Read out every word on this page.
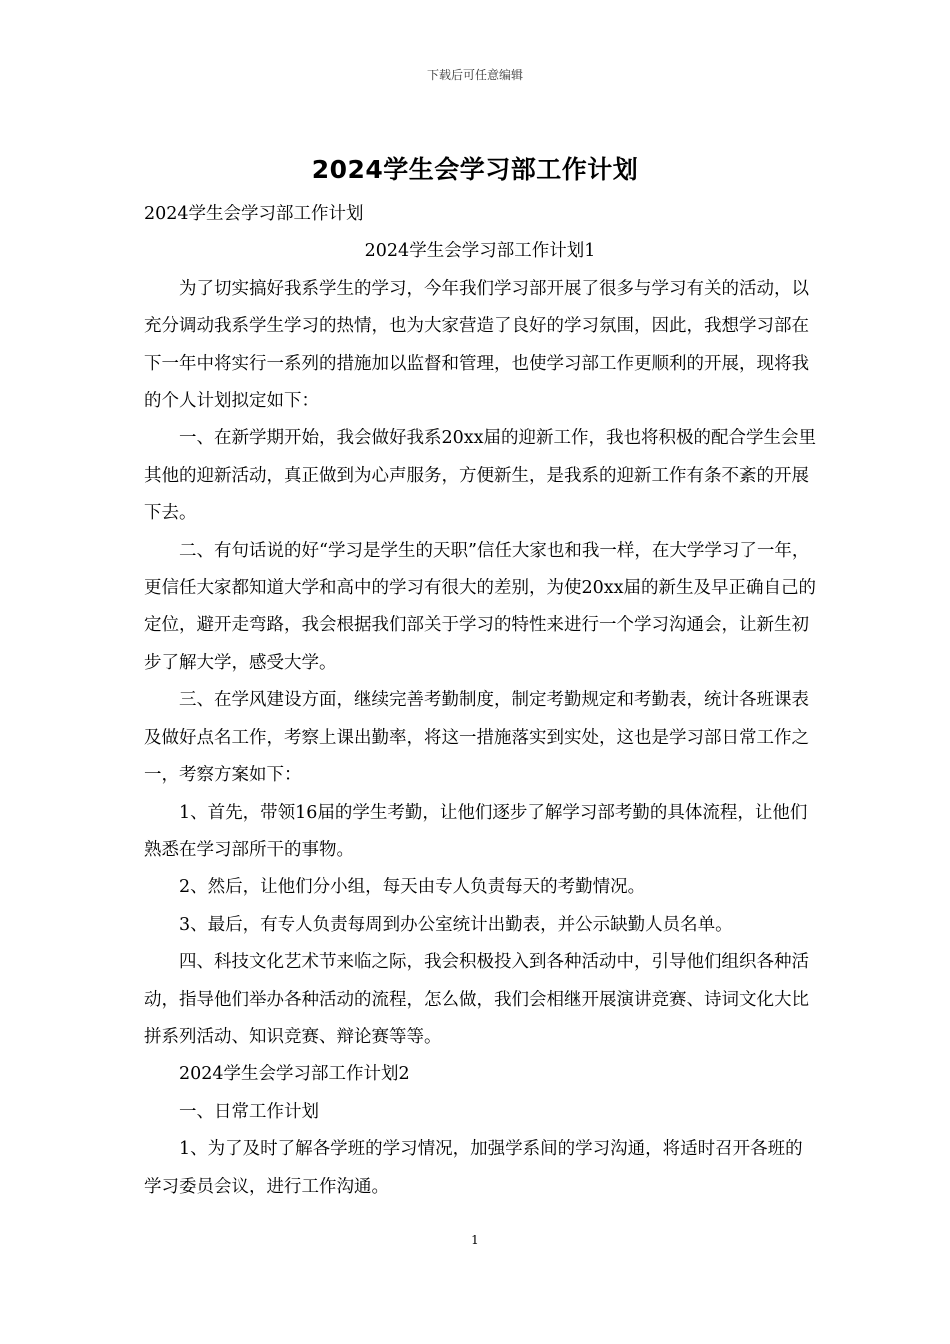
下载后可任意编辑
2024学生会学习部工作计划

2024学生会学习部工作计划

2024学生会学习部工作计划1

为了切实搞好我系学生的学习，今年我们学习部开展了很多与学习有关的活动，以充分调动我系学生学习的热情，也为大家营造了良好的学习氛围，因此，我想学习部在下一年中将实行一系列的措施加以监督和管理，也使学习部工作更顺利的开展，现将我的个人计划拟定如下：

一、在新学期开始，我会做好我系20xx届的迎新工作，我也将积极的配合学生会里其他的迎新活动，真正做到为心声服务，方便新生，是我系的迎新工作有条不紊的开展下去。

二、有句话说的好“学习是学生的天职”信任大家也和我一样，在大学学习了一年，更信任大家都知道大学和高中的学习有很大的差别，为使20xx届的新生及早正确自己的定位，避开走弯路，我会根据我们部关于学习的特性来进行一个学习沟通会，让新生初步了解大学，感受大学。

三、在学风建设方面，继续完善考勤制度，制定考勤规定和考勤表，统计各班课表及做好点名工作，考察上课出勤率，将这一措施落实到实处，这也是学习部日常工作之一，考察方案如下：

1、首先，带领16届的学生考勤，让他们逐步了解学习部考勤的具体流程，让他们熟悉在学习部所干的事物。

2、然后，让他们分小组，每天由专人负责每天的考勤情况。

3、最后，有专人负责每周到办公室统计出勤表，并公示缺勤人员名单。

四、科技文化艺术节来临之际，我会积极投入到各种活动中，引导他们组织各种活动，指导他们举办各种活动的流程，怎么做，我们会相继开展演讲竞赛、诗词文化大比拼系列活动、知识竞赛、辩论赛等等。

2024学生会学习部工作计划2

一、日常工作计划

1、为了及时了解各学班的学习情况，加强学系间的学习沟通，将适时召开各班的学习委员会议，进行工作沟通。

1
